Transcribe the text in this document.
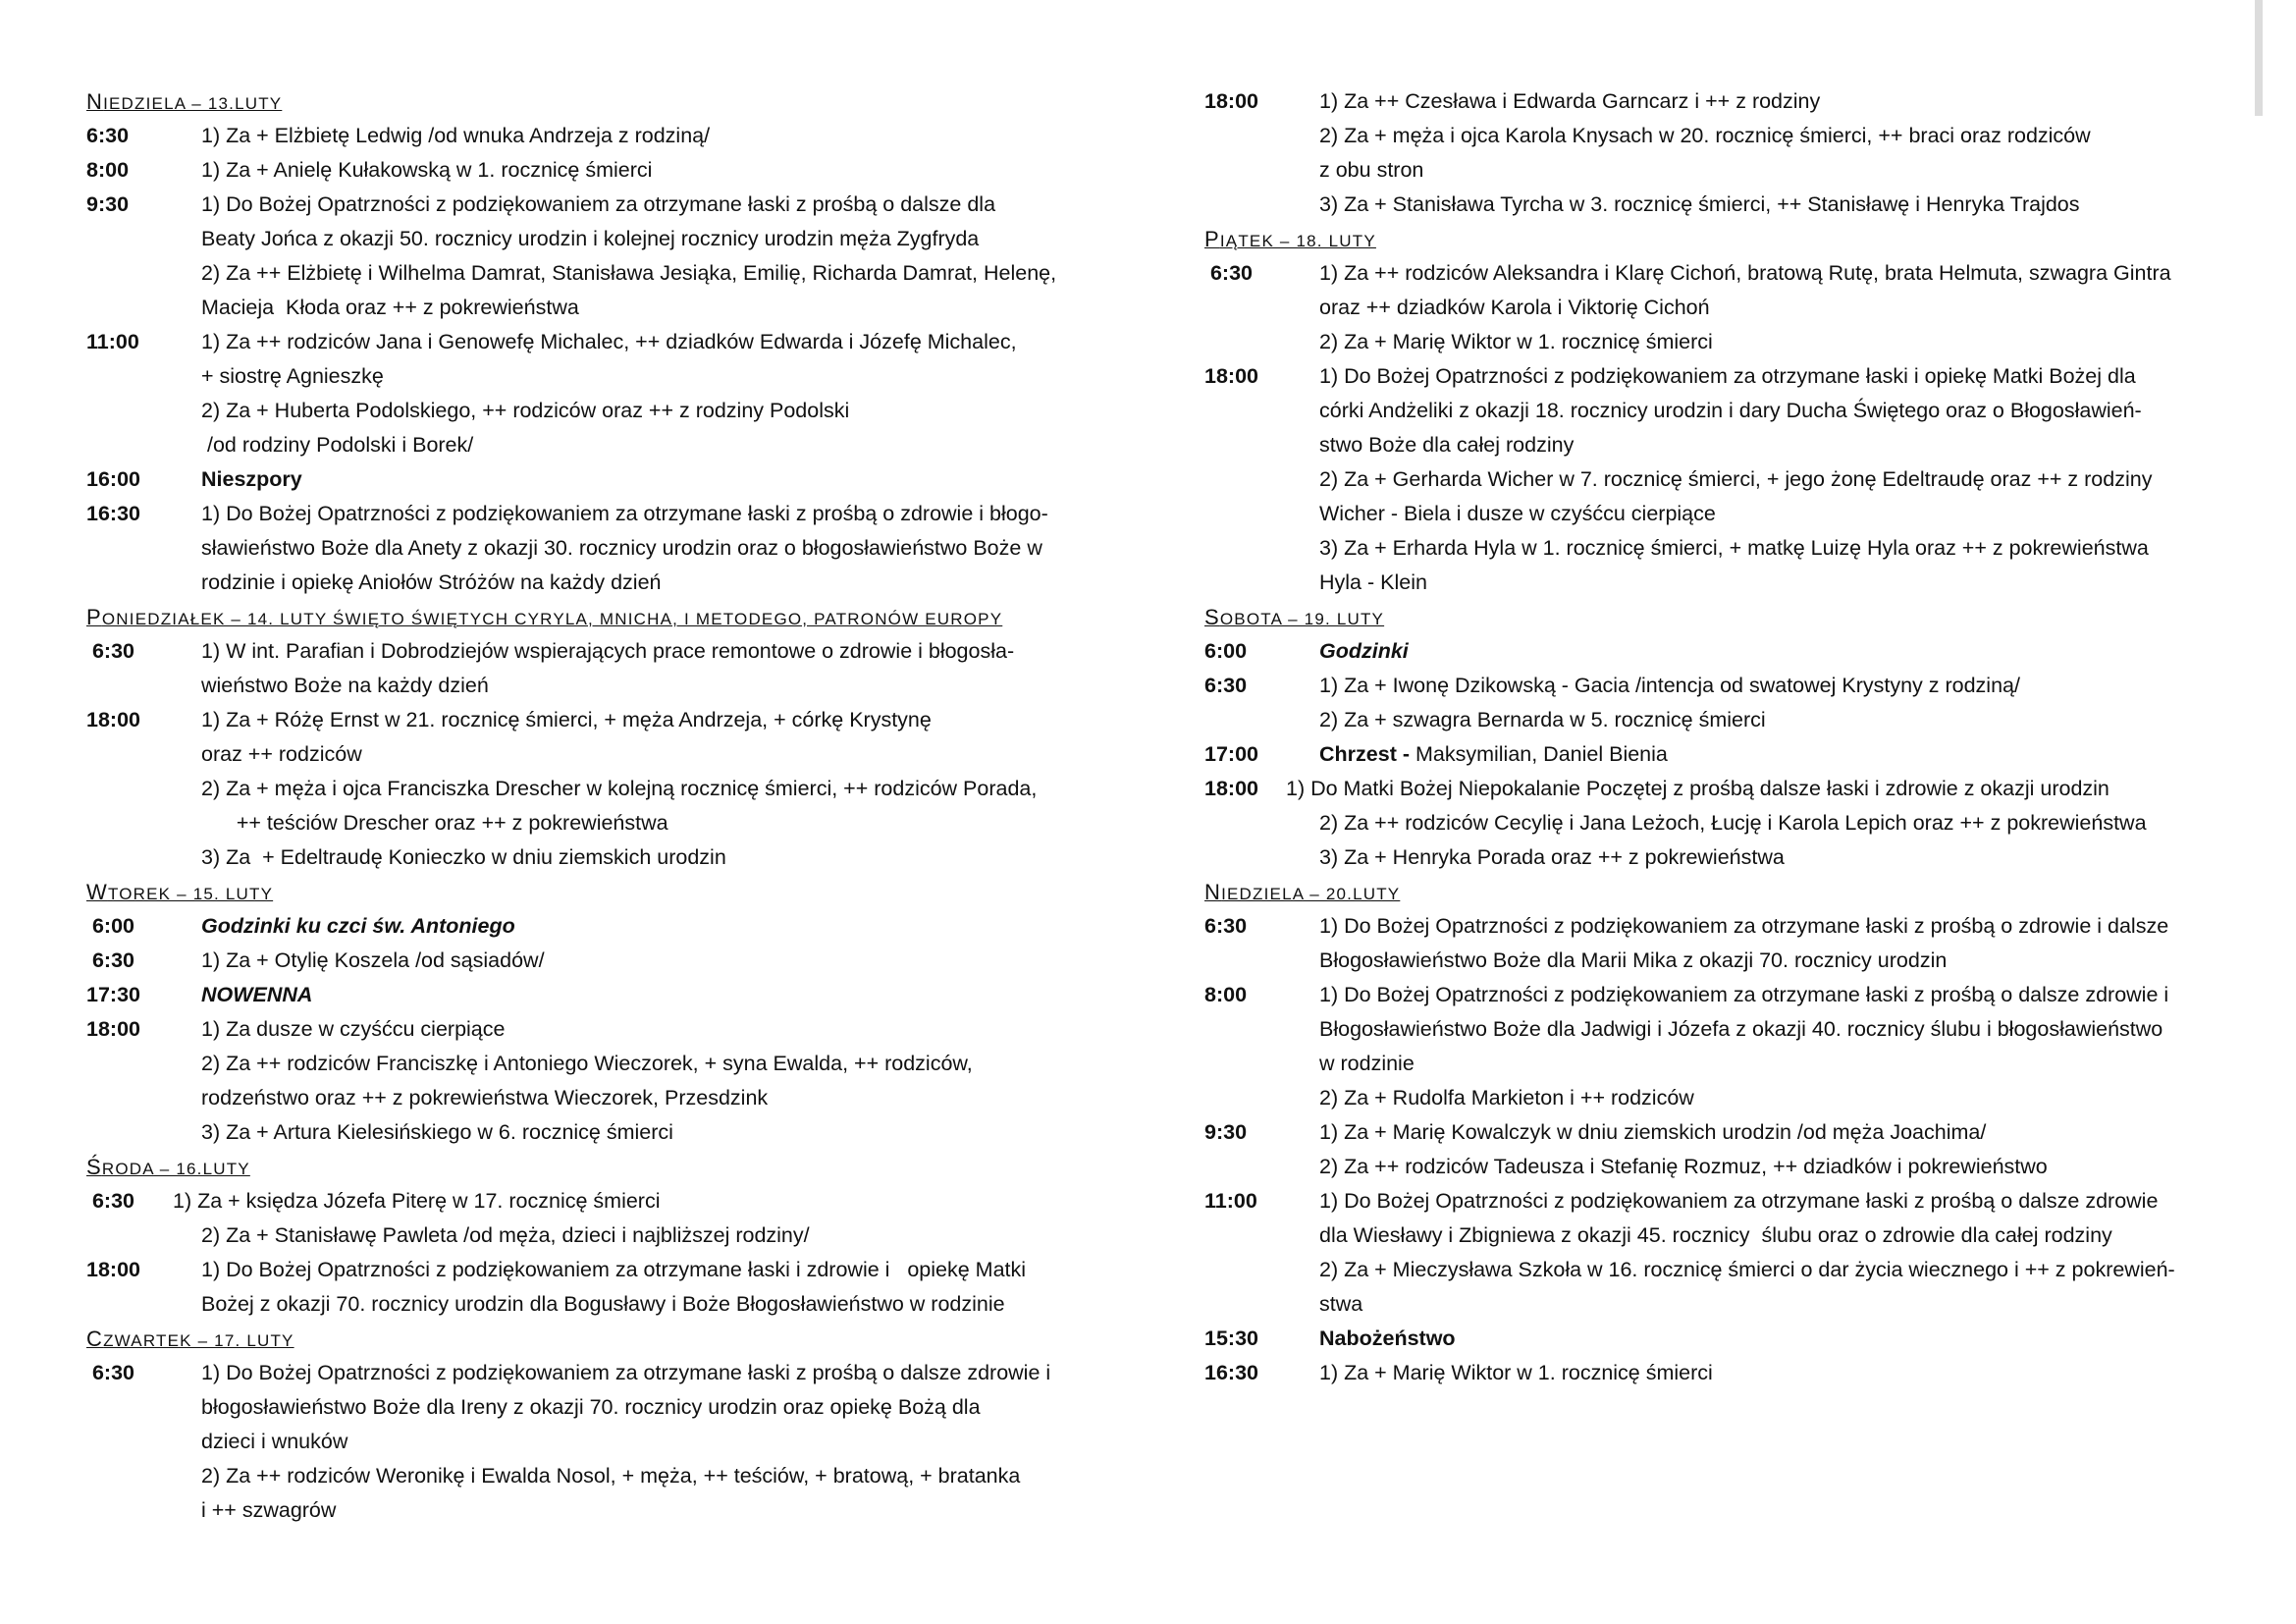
NIEDZIELA – 13.LUTY
6:30	1) Za + Elżbietę Ledwig /od wnuka Andrzeja z rodziną/
8:00	1) Za + Anielę Kułakowską w 1. rocznicę śmierci
9:30	1) Do Bożej Opatrzności z podziękowaniem za otrzymane łaski z prośbą o dalsze dla
Beaty Jońca z okazji 50. rocznicy urodzin i kolejnej rocznicy urodzin męża Zygfryda
2) Za ++ Elżbietę i Wilhelma Damrat, Stanisława Jesiąka, Emilię, Richarda Damrat, Helenę,
Macieja  Kłoda oraz ++ z pokrewieństwa
11:00	1) Za ++ rodziców Jana i Genowefę Michalec, ++ dziadków Edwarda i Józefę Michalec,
+ siostrę Agnieszkę
2) Za + Huberta Podolskiego, ++ rodziców oraz ++ z rodziny Podolski
/od rodziny Podolski i Borek/
16:00	Nieszpory
16:30	1) Do Bożej Opatrzności z podziękowaniem za otrzymane łaski z prośbą o zdrowie i błogo-
sławieństwo Boże dla Anety z okazji 30. rocznicy urodzin oraz o błogosławieństwo Boże w
rodzinie i opiekę Aniołów Stróżów na każdy dzień
PONIEDZIAŁEK – 14. LUTY ŚWIĘTO ŚWIĘTYCH CYRYLA, MNICHA, I METODEGO, PATRONÓW EUROPY
6:30	1) W int. Parafian i Dobrodziejów wspierających prace remontowe o zdrowie i błogosła-
wieństwo Boże na każdy dzień
18:00	1) Za + Różę Ernst w 21. rocznicę śmierci, + męża Andrzeja, + córkę Krystynę
oraz ++ rodziców
2) Za + męża i ojca Franciszka Drescher w kolejną rocznicę śmierci, ++ rodziców Porada,
++ teściów Drescher oraz ++ z pokrewieństwa
3) Za  + Edeltraudę Konieczko w dniu ziemskich urodzin
WTOREK – 15. LUTY
6:00	Godzinki ku czci św. Antoniego
6:30	1) Za + Otylię Koszela /od sąsiadów/
17:30	NOWENNA
18:00	1) Za dusze w czyśćcu cierpiące
2) Za ++ rodziców Franciszkę i Antoniego Wieczorek, + syna Ewalda, ++ rodziców,
rodzeństwo oraz ++ z pokrewieństwa Wieczorek, Przesdzink
3) Za + Artura Kielesińskiego w 6. rocznicę śmierci
ŚRODA – 16.LUTY
6:30	1) Za + księdza Józefa Piterę w 17. rocznicę śmierci
2) Za + Stanisławę Pawleta /od męża, dzieci i najbliższej rodziny/
18:00	1) Do Bożej Opatrzności z podziękowaniem za otrzymane łaski i zdrowie i   opiekę Matki
Bożej z okazji 70. rocznicy urodzin dla Bogusławy i Boże Błogosławieństwo w rodzinie
CZWARTEK – 17. LUTY
6:30	1) Do Bożej Opatrzności z podziękowaniem za otrzymane łaski z prośbą o dalsze zdrowie i
błogosławieństwo Boże dla Ireny z okazji 70. rocznicy urodzin oraz opiekę Bożą dla
dzieci i wnuków
2) Za ++ rodziców Weronikę i Ewalda Nosol, + męża, ++ teściów, + bratową, + bratanka
i ++ szwagrów
18:00	1) Za ++ Czesława i Edwarda Garncarz i ++ z rodziny
2) Za + męża i ojca Karola Knysach w 20. rocznicę śmierci, ++ braci oraz rodziców
z obu stron
3) Za + Stanisława Tyrcha w 3. rocznicę śmierci, ++ Stanisławę i Henryka Trajdos
PIĄTEK – 18. LUTY
6:30	1) Za ++ rodziców Aleksandra i Klarę Cichoń, bratową Rutę, brata Helmuta, szwagra Gintra
oraz ++ dziadków Karola i Viktorię Cichoń
2) Za + Marię Wiktor w 1. rocznicę śmierci
18:00	1) Do Bożej Opatrzności z podziękowaniem za otrzymane łaski i opiekę Matki Bożej dla
córki Andżeliki z okazji 18. rocznicy urodzin i dary Ducha Świętego oraz o Błogosławień-
stwo Boże dla całej rodziny
2) Za + Gerharda Wicher w 7. rocznicę śmierci, + jego żonę Edeltraudę oraz ++ z rodziny
Wicher - Biela i dusze w czyśćcu cierpiące
3) Za + Erharda Hyla w 1. rocznicę śmierci, + matkę Luizę Hyla oraz ++ z pokrewieństwa
Hyla - Klein
SOBOTA – 19. LUTY
6:00	Godzinki
6:30	1) Za + Iwonę Dzikowską - Gacia /intencja od swatowej Krystyny z rodziną/
2) Za + szwagra Bernarda w 5. rocznicę śmierci
17:00	Chrzest - Maksymilian, Daniel Bienia
18:00	1) Do Matki Bożej Niepokalanie Poczętej z prośbą dalsze łaski i zdrowie z okazji urodzin
2) Za ++ rodziców Cecylię i Jana Leżoch, Łucję i Karola Lepich oraz ++ z pokrewieństwa
3) Za + Henryka Porada oraz ++ z pokrewieństwa
NIEDZIELA – 20.LUTY
6:30	1) Do Bożej Opatrzności z podziękowaniem za otrzymane łaski z prośbą o zdrowie i dalsze
Błogosławieństwo Boże dla Marii Mika z okazji 70. rocznicy urodzin
8:00	1) Do Bożej Opatrzności z podziękowaniem za otrzymane łaski z prośbą o dalsze zdrowie i
Błogosławieństwo Boże dla Jadwigi i Józefa z okazji 40. rocznicy ślubu i błogosławieństwo
w rodzinie
2) Za + Rudolfa Markieton i ++ rodziców
9:30	1) Za + Marię Kowalczyk w dniu ziemskich urodzin /od męża Joachima/
2) Za ++ rodziców Tadeusza i Stefanię Rozmuz, ++ dziadków i pokrewieństwo
11:00	1) Do Bożej Opatrzności z podziękowaniem za otrzymane łaski z prośbą o dalsze zdrowie
dla Wiesławy i Zbigniewa z okazji 45. rocznicy  ślubu oraz o zdrowie dla całej rodziny
2) Za + Mieczysława Szkoła w 16. rocznicę śmierci o dar życia wiecznego i ++ z pokrewień-
stwa
15:30	Nabożeństwo
16:30	1) Za + Marię Wiktor w 1. rocznicę śmierci
